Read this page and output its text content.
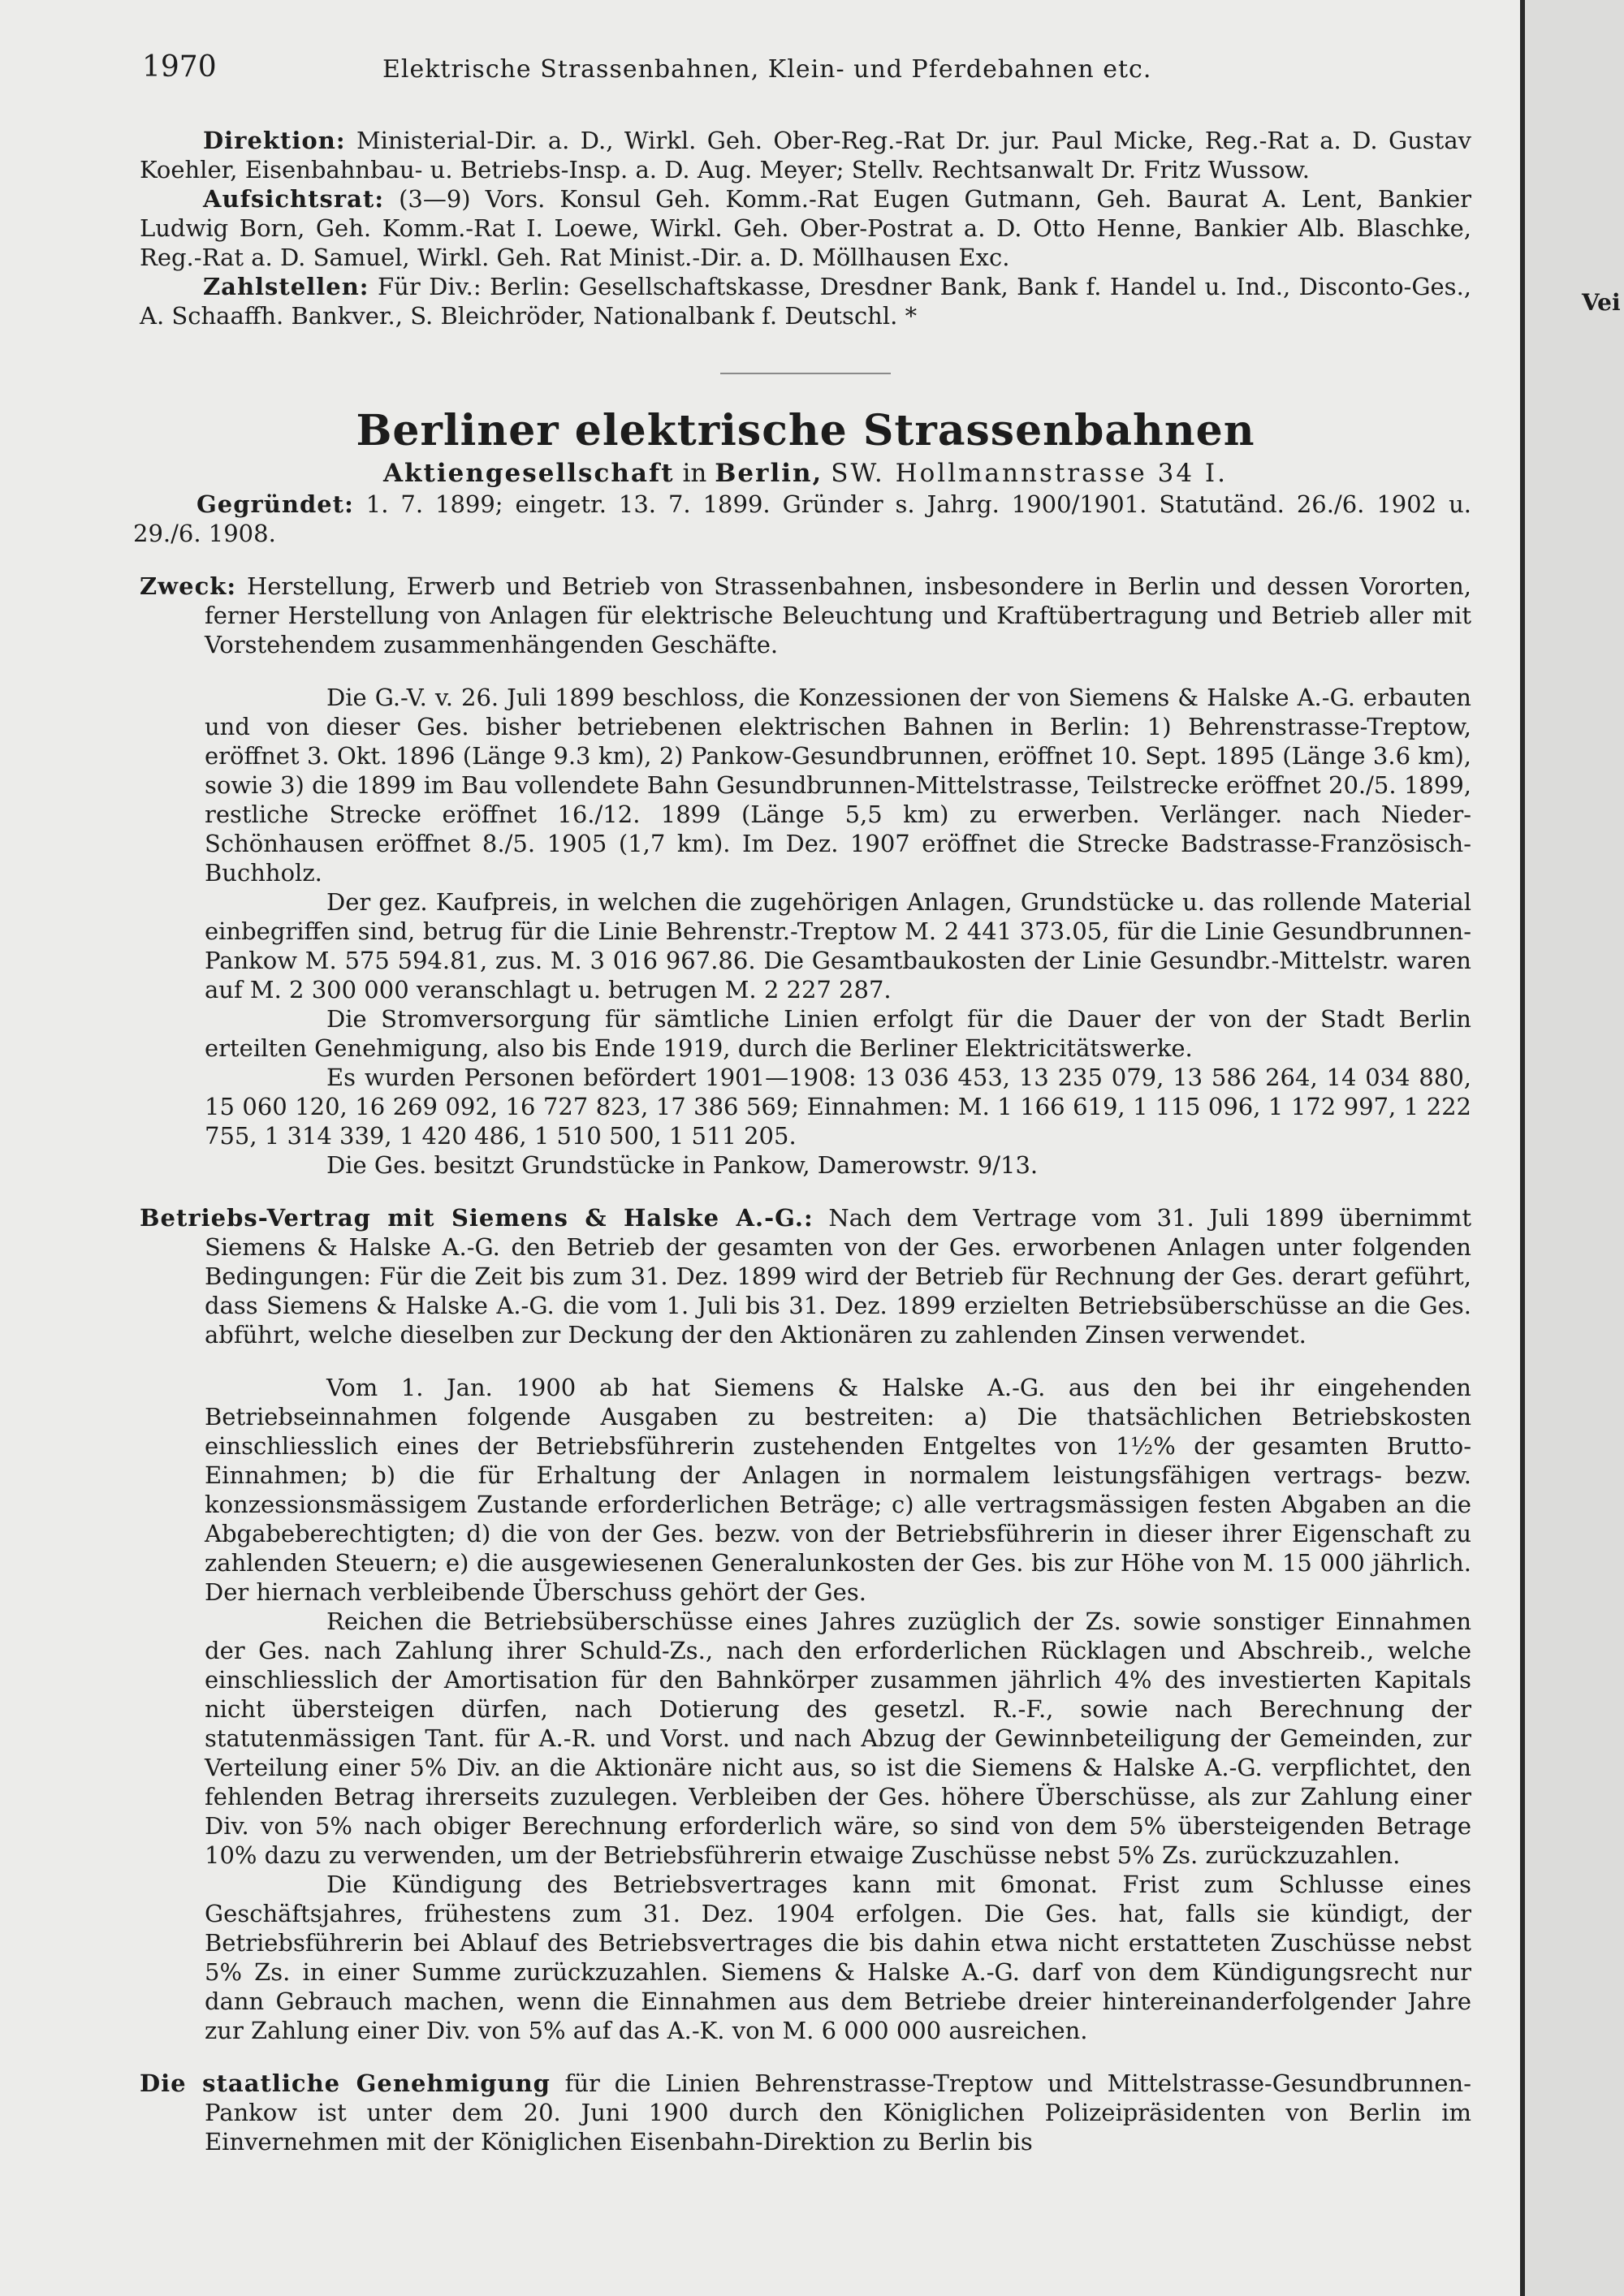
1970	Elektrische Strassenbahnen, Klein- und Pferdebahnen etc.

Direktion: Ministerial-Dir. a. D., Wirkl. Geh. Ober-Reg.-Rat Dr. jur. Paul Micke, Reg.-Rat a. D. Gustav Koehler, Eisenbahnbau- u. Betriebs-Insp. a. D. Aug. Meyer; Stellv. Rechtsanwalt Dr. Fritz Wussow.

Aufsichtsrat: (3—9) Vors. Konsul Geh. Komm.-Rat Eugen Gutmann, Geh. Baurat A. Lent, Bankier Ludwig Born, Geh. Komm.-Rat I. Loewe, Wirkl. Geh. Ober-Postrat a. D. Otto Henne, Bankier Alb. Blaschke, Reg.-Rat a. D. Samuel, Wirkl. Geh. Rat Minist.-Dir. a. D. Möllhausen Exc.

Zahlstellen: Für Div.: Berlin: Gesellschaftskasse, Dresdner Bank, Bank f. Handel u. Ind., Disconto-Ges., A. Schaaffh. Bankver., S. Bleichröder, Nationalbank f. Deutschl. *

Berliner elektrische Strassenbahnen
Aktiengesellschaft in Berlin, SW. Hollmannstrasse 34 I.

Gegründet: 1. 7. 1899; eingetr. 13. 7. 1899. Gründer s. Jahrg. 1900/1901. Statutänd. 26./6. 1902 u. 29./6. 1908.

Zweck: Herstellung, Erwerb und Betrieb von Strassenbahnen, insbesondere in Berlin und dessen Vororten, ferner Herstellung von Anlagen für elektrische Beleuchtung und Kraftübertragung und Betrieb aller mit Vorstehendem zusammenhängenden Geschäfte.

Die G.-V. v. 26. Juli 1899 beschloss, die Konzessionen der von Siemens & Halske A.-G. erbauten und von dieser Ges. bisher betriebenen elektrischen Bahnen in Berlin: 1) Behrenstrasse-Treptow, eröffnet 3. Okt. 1896 (Länge 9.3 km), 2) Pankow-Gesundbrunnen, eröffnet 10. Sept. 1895 (Länge 3.6 km), sowie 3) die 1899 im Bau vollendete Bahn Gesundbrunnen-Mittelstrasse, Teilstrecke eröffnet 20./5. 1899, restliche Strecke eröffnet 16./12. 1899 (Länge 5,5 km) zu erwerben. Verlänger. nach Nieder-Schönhausen eröffnet 8./5. 1905 (1,7 km). Im Dez. 1907 eröffnet die Strecke Badstrasse-Französisch-Buchholz.

Der gez. Kaufpreis, in welchen die zugehörigen Anlagen, Grundstücke u. das rollende Material einbegriffen sind, betrug für die Linie Behrenstr.-Treptow M. 2 441 373.05, für die Linie Gesundbrunnen-Pankow M. 575 594.81, zus. M. 3 016 967.86. Die Gesamtbaukosten der Linie Gesundbr.-Mittelstr. waren auf M. 2 300 000 veranschlagt u. betrugen M. 2 227 287.

Die Stromversorgung für sämtliche Linien erfolgt für die Dauer der von der Stadt Berlin erteilten Genehmigung, also bis Ende 1919, durch die Berliner Elektricitätswerke.

Es wurden Personen befördert 1901—1908: 13 036 453, 13 235 079, 13 586 264, 14 034 880, 15 060 120, 16 269 092, 16 727 823, 17 386 569; Einnahmen: M. 1 166 619, 1 115 096, 1 172 997, 1 222 755, 1 314 339, 1 420 486, 1 510 500, 1 511 205.

Die Ges. besitzt Grundstücke in Pankow, Damerowstr. 9/13.

Betriebs-Vertrag mit Siemens & Halske A.-G.: Nach dem Vertrage vom 31. Juli 1899 übernimmt Siemens & Halske A.-G. den Betrieb der gesamten von der Ges. erworbenen Anlagen unter folgenden Bedingungen: Für die Zeit bis zum 31. Dez. 1899 wird der Betrieb für Rechnung der Ges. derart geführt, dass Siemens & Halske A.-G. die vom 1. Juli bis 31. Dez. 1899 erzielten Betriebsüberschüsse an die Ges. abführt, welche dieselben zur Deckung der den Aktionären zu zahlenden Zinsen verwendet.

Vom 1. Jan. 1900 ab hat Siemens & Halske A.-G. aus den bei ihr eingehenden Betriebseinnahmen folgende Ausgaben zu bestreiten: a) Die thatsächlichen Betriebskosten einschliesslich eines der Betriebsführerin zustehenden Entgeltes von 1½% der gesamten Brutto-Einnahmen; b) die für Erhaltung der Anlagen in normalem leistungsfähigen vertrags- bezw. konzessionsmässigem Zustande erforderlichen Beträge; c) alle vertragsmässigen festen Abgaben an die Abgabeberechtigten; d) die von der Ges. bezw. von der Betriebsführerin in dieser ihrer Eigenschaft zu zahlenden Steuern; e) die ausgewiesenen Generalunkosten der Ges. bis zur Höhe von M. 15 000 jährlich. Der hiernach verbleibende Überschuss gehört der Ges.

Reichen die Betriebsüberschüsse eines Jahres zuzüglich der Zs. sowie sonstiger Einnahmen der Ges. nach Zahlung ihrer Schuld-Zs., nach den erforderlichen Rücklagen und Abschreib., welche einschliesslich der Amortisation für den Bahnkörper zusammen jährlich 4% des investierten Kapitals nicht übersteigen dürfen, nach Dotierung des gesetzl. R.-F., sowie nach Berechnung der statutenmässigen Tant. für A.-R. und Vorst. und nach Abzug der Gewinnbeteiligung der Gemeinden, zur Verteilung einer 5% Div. an die Aktionäre nicht aus, so ist die Siemens & Halske A.-G. verpflichtet, den fehlenden Betrag ihrerseits zuzulegen. Verbleiben der Ges. höhere Überschüsse, als zur Zahlung einer Div. von 5% nach obiger Berechnung erforderlich wäre, so sind von dem 5% übersteigenden Betrage 10% dazu zu verwenden, um der Betriebsführerin etwaige Zuschüsse nebst 5% Zs. zurückzuzahlen.

Die Kündigung des Betriebsvertrages kann mit 6monat. Frist zum Schlusse eines Geschäftsjahres, frühestens zum 31. Dez. 1904 erfolgen. Die Ges. hat, falls sie kündigt, der Betriebsführerin bei Ablauf des Betriebsvertrages die bis dahin etwa nicht erstatteten Zuschüsse nebst 5% Zs. in einer Summe zurückzuzahlen. Siemens & Halske A.-G. darf von dem Kündigungsrecht nur dann Gebrauch machen, wenn die Einnahmen aus dem Betriebe dreier hintereinanderfolgender Jahre zur Zahlung einer Div. von 5% auf das A.-K. von M. 6 000 000 ausreichen.

Die staatliche Genehmigung für die Linien Behrenstrasse-Treptow und Mittelstrasse-Gesundbrunnen-Pankow ist unter dem 20. Juni 1900 durch den Königlichen Polizeipräsidenten von Berlin im Einvernehmen mit der Königlichen Eisenbahn-Direktion zu Berlin bis

Vei
